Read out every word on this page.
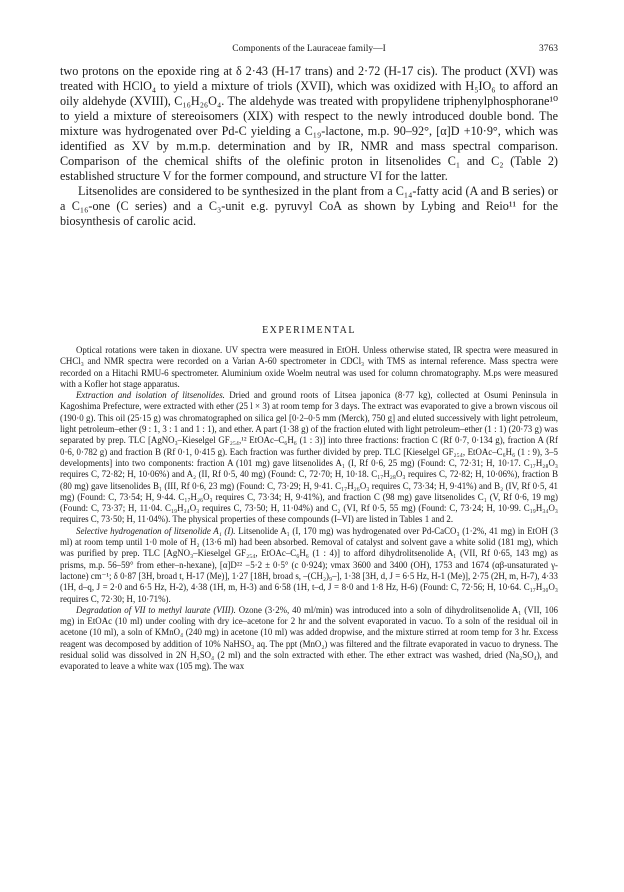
Components of the Lauraceae family—I	3763

two protons on the epoxide ring at δ 2·43 (H-17 trans) and 2·72 (H-17 cis). The product (XVI) was treated with HClO₄ to yield a mixture of triols (XVII), which was oxidized with H₅IO₆ to afford an oily aldehyde (XVIII), C₁₆H₂₆O₄. The aldehyde was treated with propylidene triphenylphosphorane¹⁰ to yield a mixture of stereoisomers (XIX) with respect to the newly introduced double bond. The mixture was hydrogenated over Pd-C yielding a C₁₉-lactone, m.p. 90–92°, [α]D +10·9°, which was identified as XV by m.m.p. determination and by IR, NMR and mass spectral comparison. Comparison of the chemical shifts of the olefinic proton in litsenolides C₁ and C₂ (Table 2) established structure V for the former compound, and structure VI for the latter.

Litsenolides are considered to be synthesized in the plant from a C₁₄-fatty acid (A and B series) or a C₁₆-one (C series) and a C₃-unit e.g. pyruvyl CoA as shown by Lybing and Reio¹¹ for the biosynthesis of carolic acid.

EXPERIMENTAL

Optical rotations were taken in dioxane. UV spectra were measured in EtOH. Unless otherwise stated, IR spectra were measured in CHCl₃ and NMR spectra were recorded on a Varian A-60 spectrometer in CDCl₃ with TMS as internal reference. Mass spectra were recorded on a Hitachi RMU-6 spectrometer. Aluminium oxide Woelm neutral was used for column chromatography. M.ps were measured with a Kofler hot stage apparatus.

Extraction and isolation of litsenolides. Dried and ground roots of Litsea japonica (8·77 kg), collected at Osumi Peninsula in Kagoshima Prefecture, were extracted with ether (25 l × 3) at room temp for 3 days. The extract was evaporated to give a brown viscous oil (190·0 g). This oil (25·15 g) was chromatographed on silica gel [0·2–0·5 mm (Merck), 750 g] and eluted successively with light petroleum, light petroleum–ether (9 : 1, 3 : 1 and 1 : 1), and ether. A part (1·38 g) of the fraction eluted with light petroleum–ether (1 : 1) (20·73 g) was separated by prep. TLC [AgNO₃–Kieselgel GF₂₅₄,¹² EtOAc–C₆H₆ (1 : 3)] into three fractions: fraction C (Rf 0·7, 0·134 g), fraction A (Rf 0·6, 0·782 g) and fraction B (Rf 0·1, 0·415 g). Each fraction was further divided by prep. TLC [Kieselgel GF₂₅₄, EtOAc–C₆H₆ (1 : 9), 3–5 developments] into two components: fraction A (101 mg) gave litsenolides A₁ (I, Rf 0·6, 25 mg) (Found: C, 72·31; H, 10·17. C₁₇H₂₈O₃ requires C, 72·82; H, 10·06%) and A₂ (II, Rf 0·5, 40 mg) (Found: C, 72·70; H, 10·18. C₁₇H₂₈O₃ requires C, 72·82; H, 10·06%), fraction B (80 mg) gave litsenolides B₁ (III, Rf 0·6, 23 mg) (Found: C, 73·29; H, 9·41. C₁₇H₂₆O₃ requires C, 73·34; H, 9·41%) and B₂ (IV, Rf 0·5, 41 mg) (Found: C, 73·54; H, 9·44. C₁₇H₂₆O₃ requires C, 73·34; H, 9·41%), and fraction C (98 mg) gave litsenolides C₁ (V, Rf 0·6, 19 mg) (Found: C, 73·37; H, 11·04. C₁₉H₃₄O₃ requires C, 73·50; H, 11·04%) and C₂ (VI, Rf 0·5, 55 mg) (Found: C, 73·24; H, 10·99. C₁₉H₃₄O₃ requires C, 73·50; H, 11·04%). The physical properties of these compounds (I–VI) are listed in Tables 1 and 2.

Selective hydrogenation of litsenolide A₁ (I). Litsenolide A₁ (I, 170 mg) was hydrogenated over Pd-CaCO₃ (1·2%, 41 mg) in EtOH (3 ml) at room temp until 1·0 mole of H₂ (13·6 ml) had been absorbed. Removal of catalyst and solvent gave a white solid (181 mg), which was purified by prep. TLC [AgNO₃–Kieselgel GF₂₅₄, EtOAc–C₆H₆ (1 : 4)] to afford dihydrolitsenolide A₁ (VII, Rf 0·65, 143 mg) as prisms, m.p. 56–59° from ether–n-hexane), [α]D²² −5·2 ± 0·5° (c 0·924); νmax 3600 and 3400 (OH), 1753 and 1674 (αβ-unsaturated γ-lactone) cm⁻¹; δ 0·87 [3H, broad t, H-17 (Me)], 1·27 [18H, broad s, –(CH₂)₉–], 1·38 [3H, d, J = 6·5 Hz, H-1 (Me)], 2·75 (2H, m, H-7), 4·33 (1H, d–q, J = 2·0 and 6·5 Hz, H-2), 4·38 (1H, m, H-3) and 6·58 (1H, t–d, J = 8·0 and 1·8 Hz, H-6) (Found: C, 72·56; H, 10·64. C₁₇H₃₀O₃ requires C, 72·30; H, 10·71%).

Degradation of VII to methyl laurate (VIII). Ozone (3·2%, 40 ml/min) was introduced into a soln of dihydrolitsenolide A₁ (VII, 106 mg) in EtOAc (10 ml) under cooling with dry ice–acetone for 2 hr and the solvent evaporated in vacuo. To a soln of the residual oil in acetone (10 ml), a soln of KMnO₄ (240 mg) in acetone (10 ml) was added dropwise, and the mixture stirred at room temp for 3 hr. Excess reagent was decomposed by addition of 10% NaHSO₃ aq. The ppt (MnO₂) was filtered and the filtrate evaporated in vacuo to dryness. The residual solid was dissolved in 2N H₂SO₄ (2 ml) and the soln extracted with ether. The ether extract was washed, dried (Na₂SO₄), and evaporated to leave a white wax (105 mg). The wax
